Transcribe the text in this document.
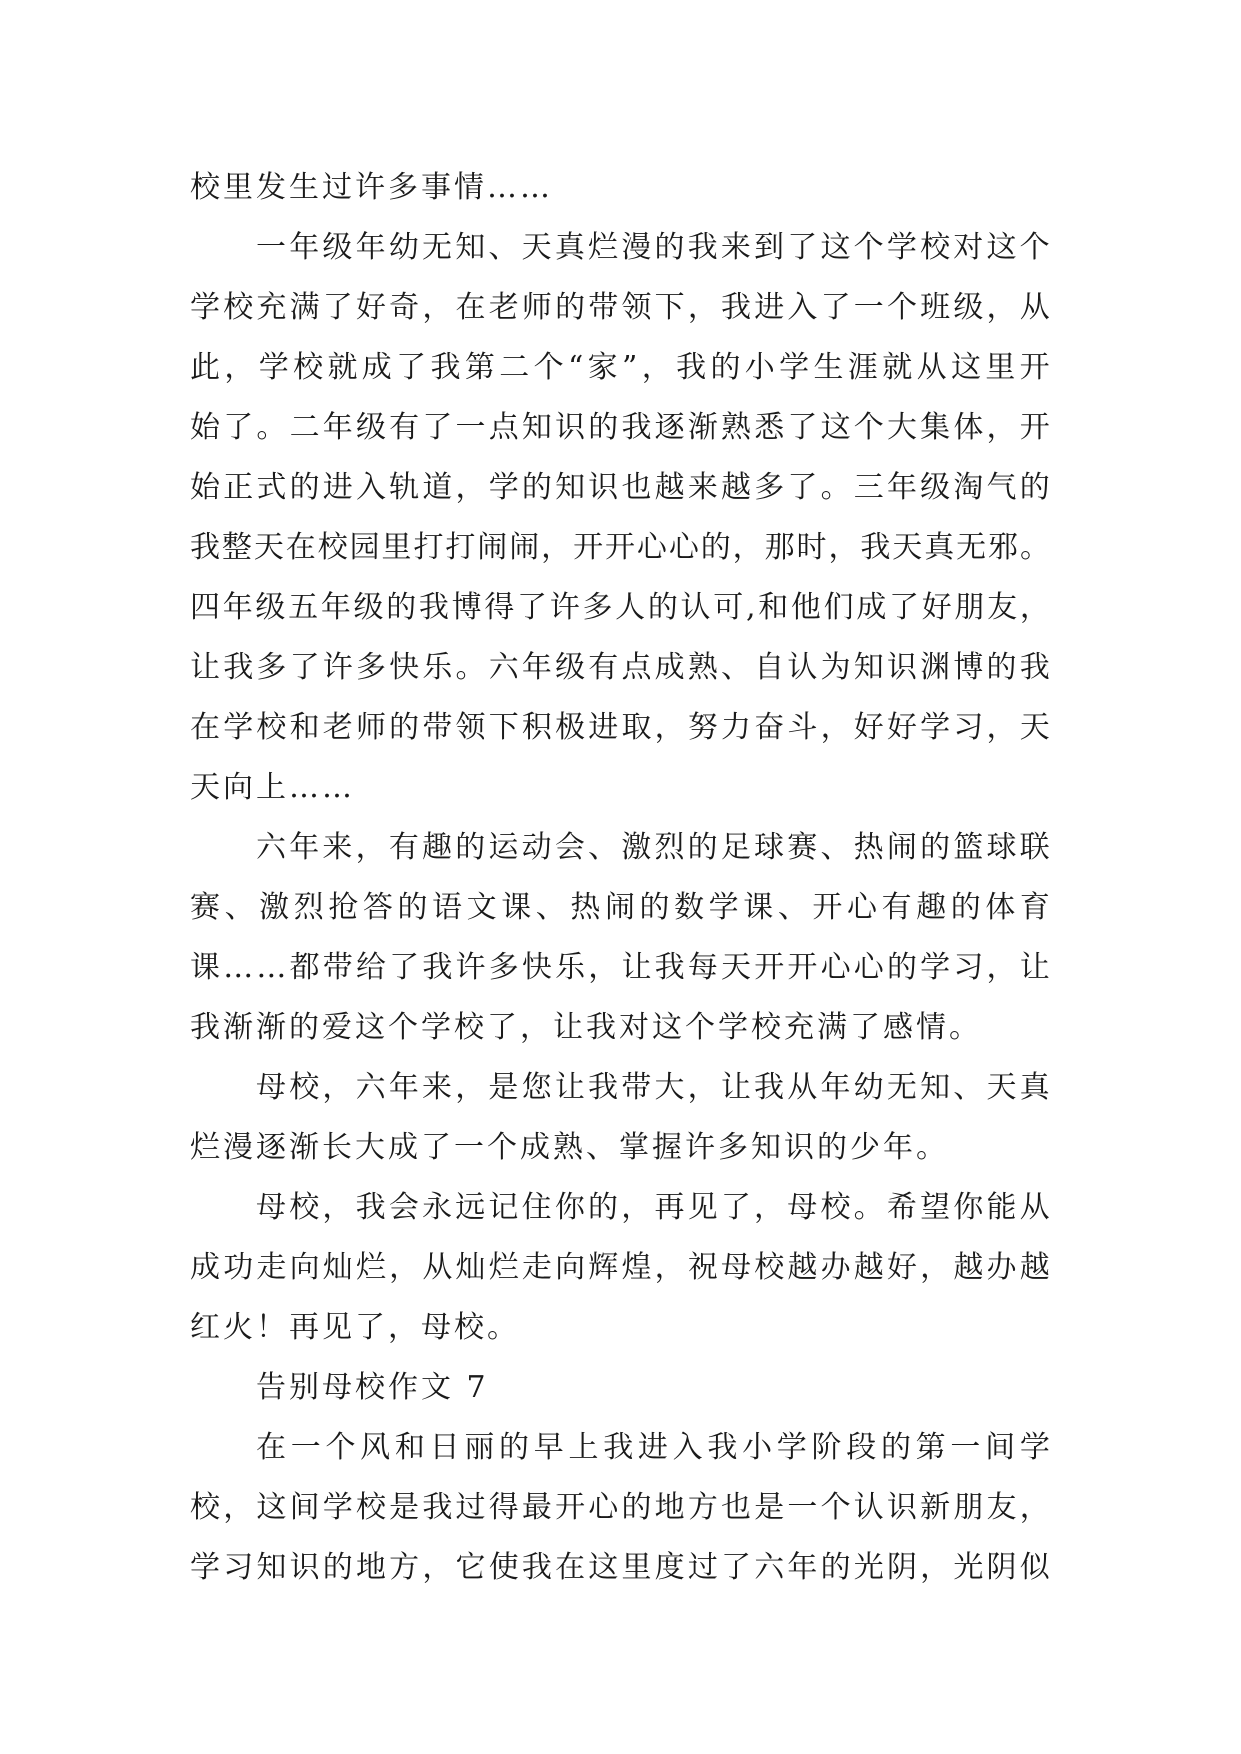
校里发生过许多事情……
一 年 级 年 幼 无 知 、 天 真 烂 漫 的 我 来 到 了 这 个 学 校 对 这 个
学 校 充 满 了 好 奇 ， 在 老 师 的 带 领 下 ， 我 进 入 了 一 个 班 级 ， 从
此 ， 学 校 就 成 了 我 第 二 个 “ 家 ” ， 我 的 小 学 生 涯 就 从 这 里 开
始 了 。 二 年 级 有 了 一 点 知 识 的 我 逐 渐 熟 悉 了 这 个 大 集 体 ， 开
始 正 式 的 进 入 轨 道 ， 学 的 知 识 也 越 来 越 多 了 。 三 年 级 淘 气 的
我 整 天 在 校 园 里 打 打 闹 闹 ， 开 开 心 心 的 ， 那 时 ， 我 天 真 无 邪 。
四 年 级 五 年 级 的 我 博 得 了 许 多 人 的 认 可 , 和 他 们 成 了 好 朋 友 ，
让 我 多 了 许 多 快 乐 。 六 年 级 有 点 成 熟 、 自 认 为 知 识 渊 博 的 我
在 学 校 和 老 师 的 带 领 下 积 极 进 取 ， 努 力 奋 斗 ， 好 好 学 习 ， 天
天向上……
六 年 来 ， 有 趣 的 运 动 会 、 激 烈 的 足 球 赛 、 热 闹 的 篮 球 联
赛 、 激 烈 抢 答 的 语 文 课 、 热 闹 的 数 学 课 、 开 心 有 趣 的 体 育
课 … … 都 带 给 了 我 许 多 快 乐 ， 让 我 每 天 开 开 心 心 的 学 习 ， 让
我渐渐的爱这个学校了，让我对这个学校充满了感情。
母 校 ， 六 年 来 ， 是 您 让 我 带 大 ， 让 我 从 年 幼 无 知 、 天 真
烂漫逐渐长大成了一个成熟、掌握许多知识的少年。
母 校 ， 我 会 永 远 记 住 你 的 ， 再 见 了 ， 母 校 。 希 望 你 能 从
成 功 走 向 灿 烂 ， 从 灿 烂 走 向 辉 煌 ， 祝 母 校 越 办 越 好 ， 越 办 越
红火！再见了，母校。
告别母校作文 7
在 一 个 风 和 日 丽 的 早 上 我 进 入 我 小 学 阶 段 的 第 一 间 学
校 ， 这 间 学 校 是 我 过 得 最 开 心 的 地 方 也 是 一 个 认 识 新 朋 友 ，
学 习 知 识 的 地 方 ， 它 使 我 在 这 里 度 过 了 六 年 的 光 阴 ， 光 阴 似
